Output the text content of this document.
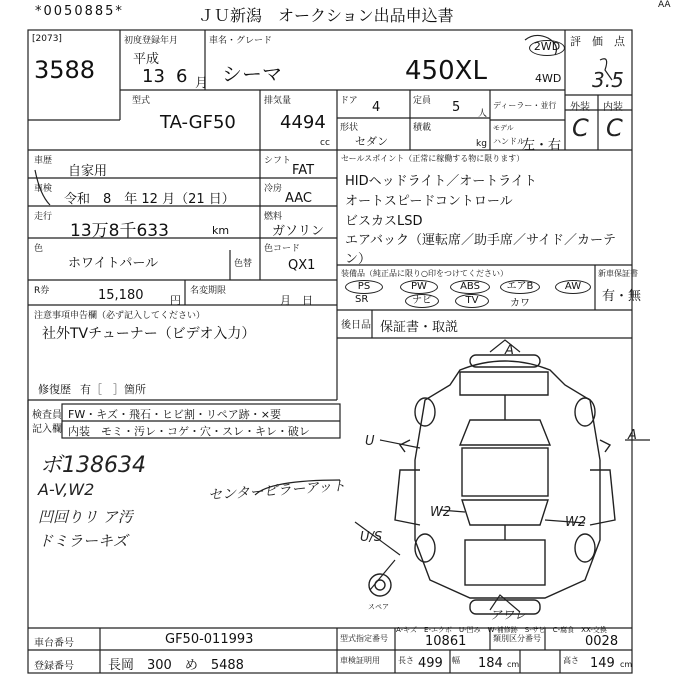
*0050885*	ＪＵ新潟　オークション出品申込書
AA
[2073]
3588
初度登録年月
平成
13 6 月
車名・グレード
シーマ	450XL
2WD
4WD
評　価　点
3.5
外装 内装
C C
型式
TA-GF50
排気量
4494
cc
ドア 4	定員 5 人
形状
セダン
積載
kg
ディーラー・並行
モデル
ハンドル
左・右
車歴
自家用
車検
令和　8　年 12 月（21 日）
走行
13万8千633	km
色
ホワイトパール	色替
色コード
QX1
R券	15,180 円
名変期限
月　日
シフト
FAT
冷房
AAC
燃料
ガソリン
注意事項申告欄（必ず記入してください）
社外TVチューナー（ビデオ入力）
修復歴 有［　］箇所
セールスポイント（正常に稼働する物に限ります）
HIDヘッドライト／オートライト
オートスピードコントロール
ビスカスLSD
エアバック（運転席／助手席／サイド／カーテ
ン）
装備品（純正品に限り○印をつけてください）
PS	PW	ABS	エアB	AW
SR	ナビ	TV	カワ
新車保証書
有・無
後日品 保証書・取説
検査員
記入欄
FW・キズ・飛石・ヒビ割・リペア跡・×要
内装　モミ・汚レ・コゲ・穴・スレ・キレ・破レ
ボ138634
A-V,W2
凹回りリ ア汚
ドミラーキズ
センターピラーアット
A
U	A
W2
W2
U/S
スペア
アワレ
A-キズ　E-エクボ　U-凹み　W-補修跡　S-サビ　C-腐食　XX-交換
車台番号	GF50-011993
登録番号	長岡　300　め　5488
型式指定番号	10861	類別区分番号	0028
車検証明用 長さ 499 幅 184 cm	高さ 149 cm
